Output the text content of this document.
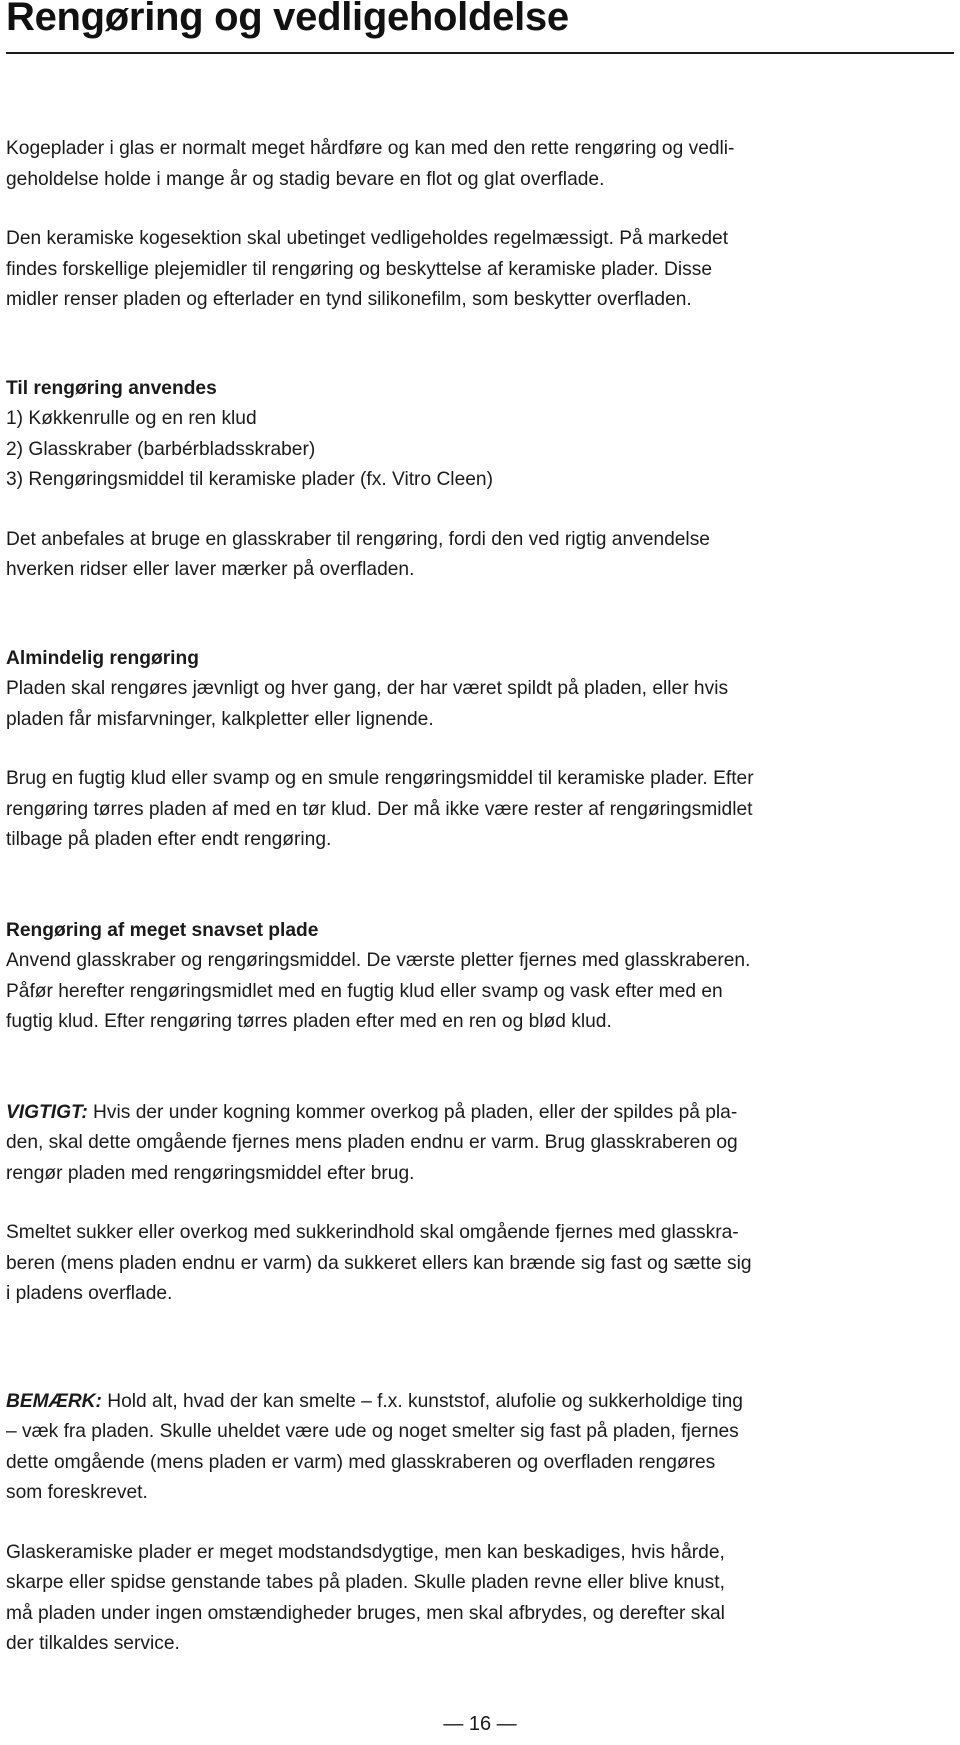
Rengøring og vedligeholdelse

Kogeplader i glas er normalt meget hårdføre og kan med den rette rengøring og vedli-
geholdelse holde i mange år og stadig bevare en flot og glat overflade.

Den keramiske kogesektion skal ubetinget vedligeholdes regelmæssigt. På markedet
findes forskellige plejemidler til rengøring og beskyttelse af keramiske plader. Disse
midler renser pladen og efterlader en tynd silikonefilm, som beskytter overfladen.

Til rengøring anvendes
1) Køkkenrulle og en ren klud
2) Glasskraber (barbérbladsskraber)
3) Rengøringsmiddel til keramiske plader (fx. Vitro Cleen)

Det anbefales at bruge en glasskraber til rengøring, fordi den ved rigtig anvendelse
hverken ridser eller laver mærker på overfladen.

Almindelig rengøring
Pladen skal rengøres jævnligt og hver gang, der har været spildt på pladen, eller hvis
pladen får misfarvninger, kalkpletter eller lignende.

Brug en fugtig klud eller svamp og en smule rengøringsmiddel til keramiske plader. Efter
rengøring tørres pladen af med en tør klud. Der må ikke være rester af rengøringsmidlet
tilbage på pladen efter endt rengøring.

Rengøring af meget snavset plade
Anvend glasskraber og rengøringsmiddel. De værste pletter fjernes med glasskraberen.
Påfør herefter rengøringsmidlet med en fugtig klud eller svamp og vask efter med en
fugtig klud. Efter rengøring tørres pladen efter med en ren og blød klud.

VIGTIGT: Hvis der under kogning kommer overkog på pladen, eller der spildes på pla-
den, skal dette omgående fjernes mens pladen endnu er varm. Brug glasskraberen og
rengør pladen med rengøringsmiddel efter brug.

Smeltet sukker eller overkog med sukkerindhold skal omgående fjernes med glasskra-
beren (mens pladen endnu er varm) da sukkeret ellers kan brænde sig fast og sætte sig
i pladens overflade.

BEMÆRK: Hold alt, hvad der kan smelte – f.x. kunststof, alufolie og sukkerholdige ting
– væk fra pladen. Skulle uheldet være ude og noget smelter sig fast på pladen, fjernes
dette omgående (mens pladen er varm) med glasskraberen og overfladen rengøres
som foreskrevet.

Glaskeramiske plader er meget modstandsdygtige, men kan beskadiges, hvis hårde,
skarpe eller spidse genstande tabes på pladen. Skulle pladen revne eller blive knust,
må pladen under ingen omstændigheder bruges, men skal afbrydes, og derefter skal
der tilkaldes service.

— 16 —
